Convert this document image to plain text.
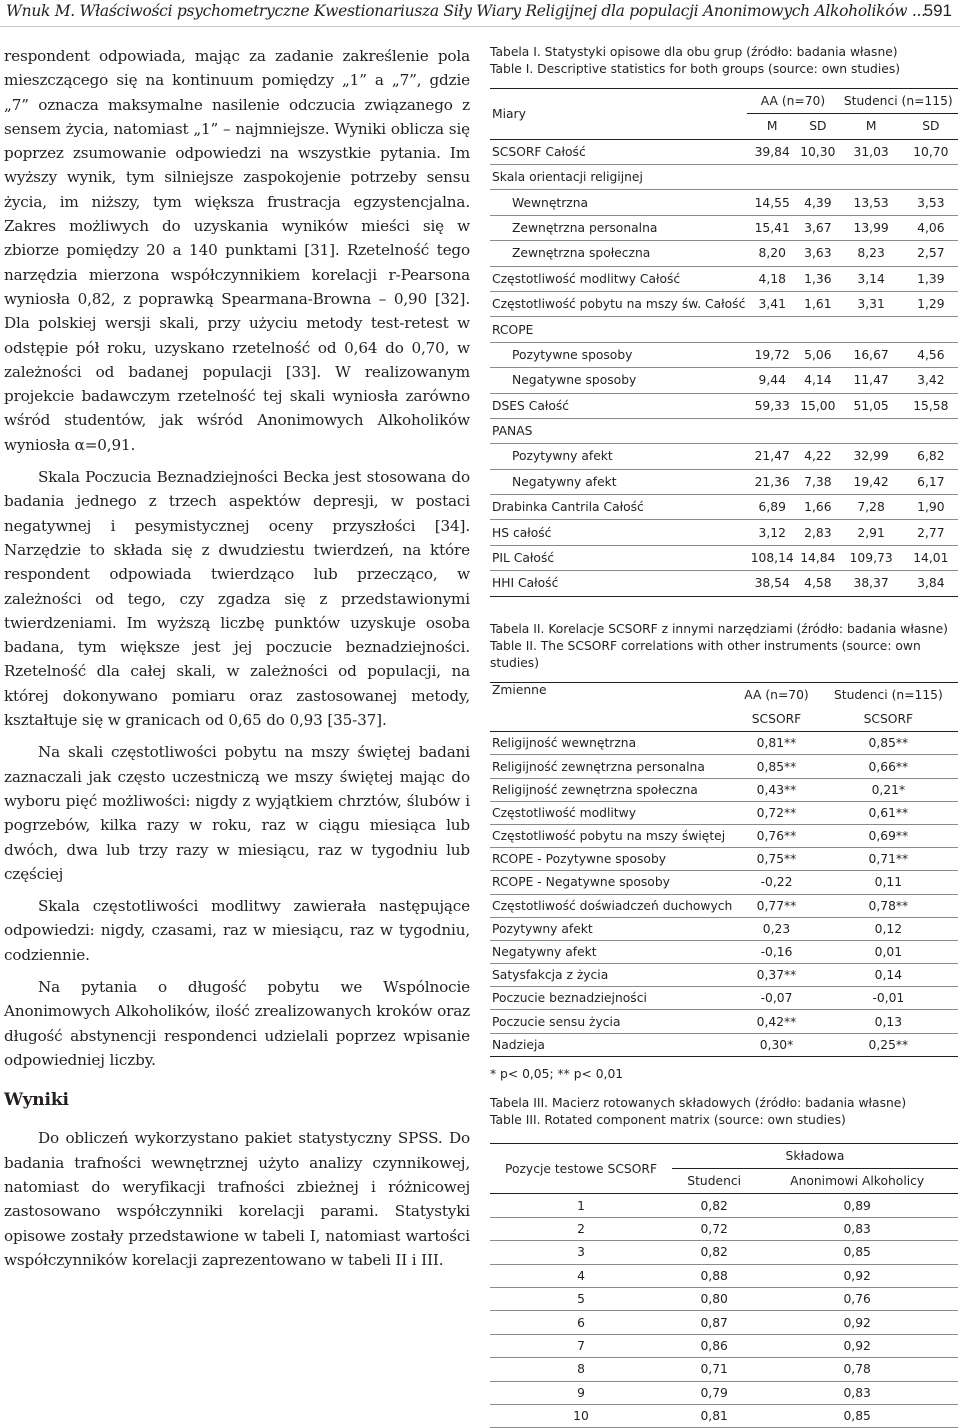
Wnuk M. Właściwości psychometryczne Kwestionariusza Siły Wiary Religijnej dla populacji Anonimowych Alkoholików ...
591

respondent odpowiada, mając za zadanie zakreślenie pola mieszczącego się na kontinuum pomiędzy „1” a „7”, gdzie „7” oznacza maksymalne nasilenie odczucia związanego z sensem życia, natomiast „1” – najmniejsze. Wyniki oblicza się poprzez zsumowanie odpowiedzi na wszystkie pytania. Im wyższy wynik, tym silniejsze zaspokojenie potrzeby sensu życia, im niższy, tym większa frustracja egzystencjalna. Zakres możliwych do uzyskania wyników mieści się w zbiorze pomiędzy 20 a 140 punktami [31]. Rzetelność tego narzędzia mierzona współczynnikiem korelacji r-Pearsona wyniosła 0,82, z poprawką Spearmana-Browna – 0,90 [32]. Dla polskiej wersji skali, przy użyciu metody test-retest w odstępie pół roku, uzyskano rzetelność od 0,64 do 0,70, w zależności od badanej populacji [33]. W realizowanym projekcie badawczym rzetelność tej skali wyniosła zarówno wśród studentów, jak wśród Anonimowych Alkoholików wyniosła α=0,91.

Skala Poczucia Beznadziejności Becka jest stosowana do badania jednego z trzech aspektów depresji, w postaci negatywnej i pesymistycznej oceny przyszłości [34]. Narzędzie to składa się z dwudziestu twierdzeń, na które respondent odpowiada twierdząco lub przecząco, w zależności od tego, czy zgadza się z przedstawionymi twierdzeniami. Im wyższą liczbę punktów uzyskuje osoba badana, tym większe jest jej poczucie beznadziejności. Rzetelność dla całej skali, w zależności od populacji, na której dokonywano pomiaru oraz zastosowanej metody, kształtuje się w granicach od 0,65 do 0,93 [35-37].

Na skali częstotliwości pobytu na mszy świętej badani zaznaczali jak często uczestniczą we mszy świętej mając do wyboru pięć możliwości: nigdy z wyjątkiem chrztów, ślubów i pogrzebów, kilka razy w roku, raz w ciągu miesiąca lub dwóch, dwa lub trzy razy w miesiącu, raz w tygodniu lub częściej

Skala częstotliwości modlitwy zawierała następujące odpowiedzi: nigdy, czasami, raz w miesiącu, raz w tygodniu, codziennie.

Na pytania o długość pobytu we Wspólnocie Anonimowych Alkoholików, ilość zrealizowanych kroków oraz długość abstynencji respondenci udzielali poprzez wpisanie odpowiedniej liczby.

Wyniki

Do obliczeń wykorzystano pakiet statystyczny SPSS. Do badania trafności wewnętrznej użyto analizy czynnikowej, natomiast do weryfikacji trafności zbieżnej i różnicowej zastosowano współczynniki korelacji parami. Statystyki opisowe zostały przedstawione w tabeli I, natomiast wartości współczynników korelacji zaprezentowano w tabeli II i III.

Tabela I. Statystyki opisowe dla obu grup (źródło: badania własne)

Table I. Descriptive statistics for both groups (source: own studies)

Miary	AA (n=70)		Studenci (n=115)	
	M	SD	M	SD
SCSORF Całość	39,84	10,30	31,03	10,70
Skala orientacji religijnej				
Wewnętrzna	14,55	4,39	13,53	3,53
Zewnętrzna personalna	15,41	3,67	13,99	4,06
Zewnętrzna społeczna	8,20	3,63	8,23	2,57
Częstotliwość modlitwy Całość	4,18	1,36	3,14	1,39
Częstotliwość pobytu na mszy św. Całość	3,41	1,61	3,31	1,29
RCOPE				
Pozytywne sposoby	19,72	5,06	16,67	4,56
Negatywne sposoby	9,44	4,14	11,47	3,42
DSES Całość	59,33	15,00	51,05	15,58
PANAS				
Pozytywny afekt	21,47	4,22	32,99	6,82
Negatywny afekt	21,36	7,38	19,42	6,17
Drabinka Cantrila Całość	6,89	1,66	7,28	1,90
HS całość	3,12	2,83	2,91	2,77
PIL Całość	108,14	14,84	109,73	14,01
HHI Całość	38,54	4,58	38,37	3,84

Tabela II. Korelacje SCSORF z innymi narzędziami (źródło: badania własne)

Table II. The SCSORF correlations with other instruments (source: own studies)

Zmienne	AA (n=70)	Studenci (n=115)
	SCSORF	SCSORF
Religijność wewnętrzna	0,81**	0,85**
Religijność zewnętrzna personalna	0,85**	0,66**
Religijność zewnętrzna społeczna	0,43**	0,21*
Częstotliwość modlitwy	0,72**	0,61**
Częstotliwość pobytu na mszy świętej	0,76**	0,69**
RCOPE - Pozytywne sposoby	0,75**	0,71**
RCOPE - Negatywne sposoby	-0,22	0,11
Częstotliwość doświadczeń duchowych	0,77**	0,78**
Pozytywny afekt	0,23	0,12
Negatywny afekt	-0,16	0,01
Satysfakcja z życia	0,37**	0,14
Poczucie beznadziejności	-0,07	-0,01
Poczucie sensu życia	0,42**	0,13
Nadzieja	0,30*	0,25**

* p< 0,05; ** p< 0,01

Tabela III. Macierz rotowanych składowych (źródło: badania własne)

Table III. Rotated component matrix (source: own studies)

Pozycje testowe SCSORF	Składowa	
	Studenci	Anonimowi Alkoholicy
1	0,82	0,89
2	0,72	0,83
3	0,82	0,85
4	0,88	0,92
5	0,80	0,76
6	0,87	0,92
7	0,86	0,92
8	0,71	0,78
9	0,79	0,83
10	0,81	0,85
